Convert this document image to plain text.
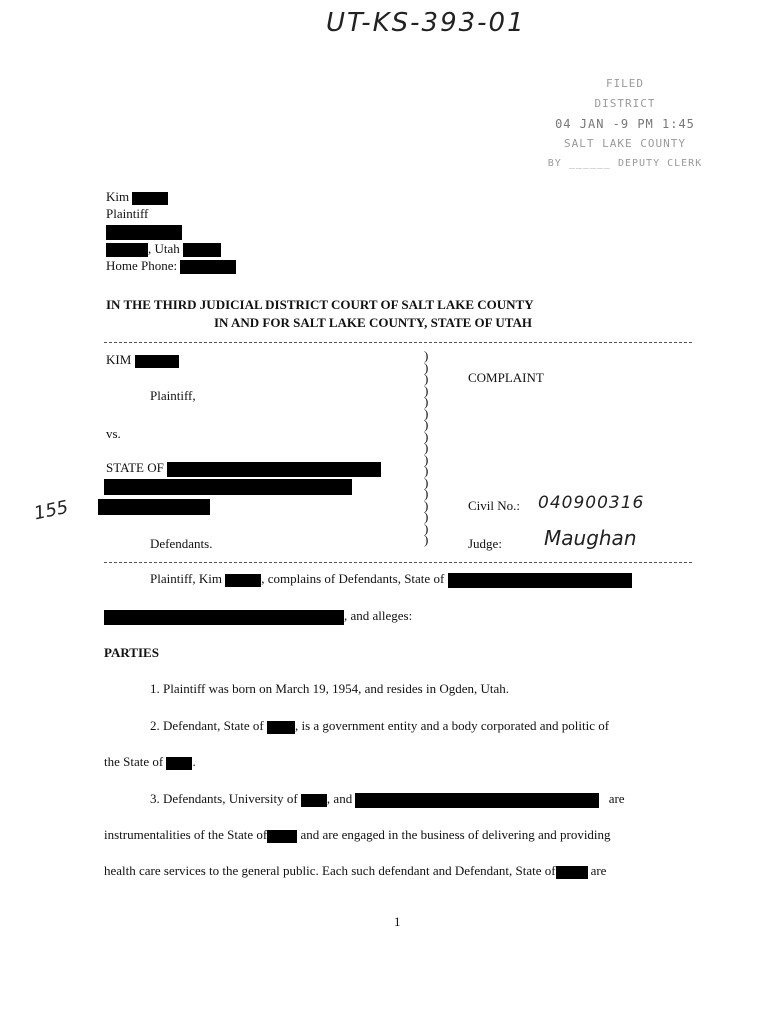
UT-KS-393-01
FILED
DISTRICT
04 JAN -9 PM 1:45
SALT LAKE COUNTY
BY ______ DEPUTY CLERK
Kim
Plaintiff
, Utah
Home Phone:
IN THE THIRD JUDICIAL DISTRICT COURT OF SALT LAKE COUNTY
IN AND FOR SALT LAKE COUNTY, STATE OF UTAH
KIM
Plaintiff,
vs.
STATE OF
Defendants.
)
)
)
)
)
)
)
)
)
)
)
)
)
)
)
)
)
COMPLAINT
Civil No.: 040900316
Judge: Maughan
155
Plaintiff, Kim	, complains of Defendants, State of
, and alleges:
PARTIES
1. Plaintiff was born on March 19, 1954, and resides in Ogden, Utah.
2. Defendant, State of , is a government entity and a body corporated and politic of
the State of .
3. Defendants, University of , and	are
instrumentalities of the State of	and are engaged in the business of delivering and providing
health care services to the general public. Each such defendant and Defendant, State of	are
1
